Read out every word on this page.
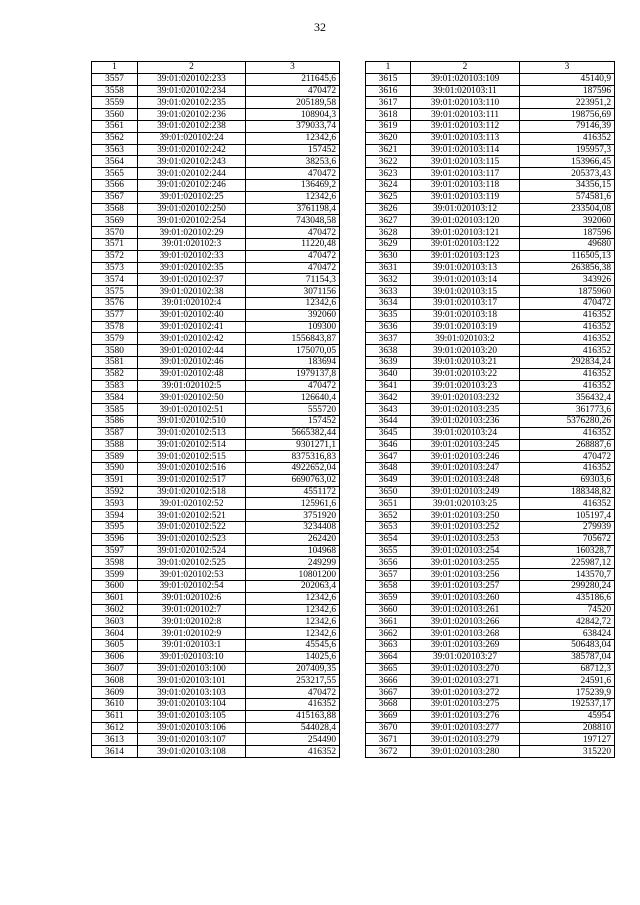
32
1	2	3
3557	39:01:020102:233	211645,6
3558	39:01:020102:234	470472
3559	39:01:020102:235	205189,58
3560	39:01:020102:236	108904,3
3561	39:01:020102:238	379033,74
3562	39:01:020102:24	12342,6
3563	39:01:020102:242	157452
3564	39:01:020102:243	38253,6
3565	39:01:020102:244	470472
3566	39:01:020102:246	136469,2
3567	39:01:020102:25	12342,6
3568	39:01:020102:250	3761198,4
3569	39:01:020102:254	743048,58
3570	39:01:020102:29	470472
3571	39:01:020102:3	11220,48
3572	39:01:020102:33	470472
3573	39:01:020102:35	470472
3574	39:01:020102:37	71154,3
3575	39:01:020102:38	3071156
3576	39:01:020102:4	12342,6
3577	39:01:020102:40	392060
3578	39:01:020102:41	109300
3579	39:01:020102:42	1556843,87
3580	39:01:020102:44	175070,05
3581	39:01:020102:46	183694
3582	39:01:020102:48	1979137,8
3583	39:01:020102:5	470472
3584	39:01:020102:50	126640,4
3585	39:01:020102:51	555720
3586	39:01:020102:510	157452
3587	39:01:020102:513	5665382,44
3588	39:01:020102:514	9301271,1
3589	39:01:020102:515	8375316,83
3590	39:01:020102:516	4922652,04
3591	39:01:020102:517	6690763,02
3592	39:01:020102:518	4551172
3593	39:01:020102:52	125961,6
3594	39:01:020102:521	3751920
3595	39:01:020102:522	3234408
3596	39:01:020102:523	262420
3597	39:01:020102:524	104968
3598	39:01:020102:525	249299
3599	39:01:020102:53	10801200
3600	39:01:020102:54	202063,4
3601	39:01:020102:6	12342,6
3602	39:01:020102:7	12342,6
3603	39:01:020102:8	12342,6
3604	39:01:020102:9	12342,6
3605	39:01:020103:1	45545,6
3606	39:01:020103:10	14025,6
3607	39:01:020103:100	207409,35
3608	39:01:020103:101	253217,55
3609	39:01:020103:103	470472
3610	39:01:020103:104	416352
3611	39:01:020103:105	415163,88
3612	39:01:020103:106	544028,4
3613	39:01:020103:107	254490
3614	39:01:020103:108	416352
1	2	3
3615	39:01:020103:109	45140,9
3616	39:01:020103:11	187596
3617	39:01:020103:110	223951,2
3618	39:01:020103:111	198756,69
3619	39:01:020103:112	79146,39
3620	39:01:020103:113	416352
3621	39:01:020103:114	195957,3
3622	39:01:020103:115	153966,45
3623	39:01:020103:117	205373,43
3624	39:01:020103:118	34356,15
3625	39:01:020103:119	574581,6
3626	39:01:020103:12	233504,08
3627	39:01:020103:120	392060
3628	39:01:020103:121	187596
3629	39:01:020103:122	49680
3630	39:01:020103:123	116505,13
3631	39:01:020103:13	263856,38
3632	39:01:020103:14	343926
3633	39:01:020103:15	1875960
3634	39:01:020103:17	470472
3635	39:01:020103:18	416352
3636	39:01:020103:19	416352
3637	39:01:020103:2	416352
3638	39:01:020103:20	416352
3639	39:01:020103:21	292834,24
3640	39:01:020103:22	416352
3641	39:01:020103:23	416352
3642	39:01:020103:232	356432,4
3643	39:01:020103:235	361773,6
3644	39:01:020103:236	5376280,26
3645	39:01:020103:24	416352
3646	39:01:020103:245	268887,6
3647	39:01:020103:246	470472
3648	39:01:020103:247	416352
3649	39:01:020103:248	69303,6
3650	39:01:020103:249	188348,82
3651	39:01:020103:25	416352
3652	39:01:020103:250	105197,4
3653	39:01:020103:252	279939
3654	39:01:020103:253	705672
3655	39:01:020103:254	160328,7
3656	39:01:020103:255	225987,12
3657	39:01:020103:256	143570,7
3658	39:01:020103:257	299280,24
3659	39:01:020103:260	435186,6
3660	39:01:020103:261	74520
3661	39:01:020103:266	42842,72
3662	39:01:020103:268	638424
3663	39:01:020103:269	506483,04
3664	39:01:020103:27	385787,04
3665	39:01:020103:270	68712,3
3666	39:01:020103:271	24591,6
3667	39:01:020103:272	175239,9
3668	39:01:020103:275	192537,17
3669	39:01:020103:276	45954
3670	39:01:020103:277	208810
3671	39:01:020103:279	197127
3672	39:01:020103:280	315220
